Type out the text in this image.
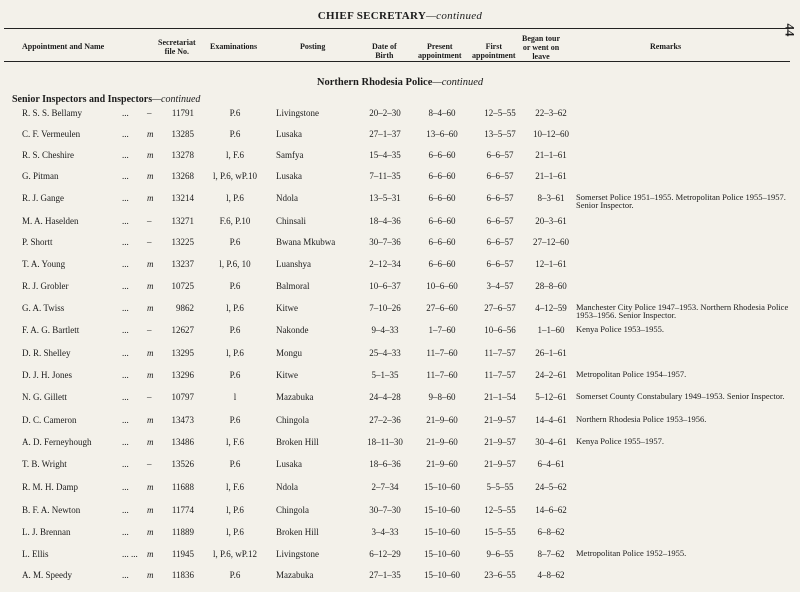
CHIEF SECRETARY—continued
44
Appointment and Name	Secretariat
file No.
Examinations	Posting	Date of
Birth
Present
appointment
First
appointment
Began tour
or went on
leave
Remarks
Northern Rhodesia Police—continued
Senior Inspectors and Inspectors—continued
R. S. S. Bellamy	... –	11791	P.6	Livingstone	20–2–30	8–4–60	12–5–55	22–3–62
C. F. Vermeulen	... m	13285	P.6	Lusaka	27–1–37	13–6–60	13–5–57	10–12–60
R. S. Cheshire	... m	13278	l, F.6	Samfya	15–4–35	6–6–60	6–6–57	21–1–61
G. Pitman	... m	13268	l, P.6, wP.10	Lusaka	7–11–35	6–6–60	6–6–57	21–1–61
R. J. Gange	... m	13214	l, P.6	Ndola	13–5–31	6–6–60	6–6–57	8–3–61	Somerset Police 1951–1955. Metropolitan Police 1955–1957. Senior Inspector.
M. A. Haselden	... –	13271	F.6, P.10	Chinsali	18–4–36	6–6–60	6–6–57	20–3–61
P. Shortt	... –	13225	P.6	Bwana Mkubwa	30–7–36	6–6–60	6–6–57	27–12–60
T. A. Young	... m	13237	l, P.6, 10	Luanshya	2–12–34	6–6–60	6–6–57	12–1–61
R. J. Grobler	... m	10725	P.6	Balmoral	10–6–37	10–6–60	3–4–57	28–8–60
G. A. Twiss	... m	9862	l, P.6	Kitwe	7–10–26	27–6–60	27–6–57	4–12–59	Manchester City Police 1947–1953. Northern Rhodesia Police 1953–1956. Senior Inspector.
F. A. G. Bartlett	... –	12627	P.6	Nakonde	9–4–33	1–7–60	10–6–56	1–1–60	Kenya Police 1953–1955.
D. R. Shelley	... m	13295	l, P.6	Mongu	25–4–33	11–7–60	11–7–57	26–1–61
D. J. H. Jones	... m	13296	P.6	Kitwe	5–1–35	11–7–60	11–7–57	24–2–61	Metropolitan Police 1954–1957.
N. G. Gillett	... –	10797	l	Mazabuka	24–4–28	9–8–60	21–1–54	5–12–61	Somerset County Constabulary 1949–1953. Senior Inspector.
D. C. Cameron	... m	13473	P.6	Chingola	27–2–36	21–9–60	21–9–57	14–4–61	Northern Rhodesia Police 1953–1956.
A. D. Ferneyhough	... m	13486	l, F.6	Broken Hill	18–11–30	21–9–60	21–9–57	30–4–61	Kenya Police 1955–1957.
T. B. Wright	... –	13526	P.6	Lusaka	18–6–36	21–9–60	21–9–57	6–4–61
R. M. H. Damp	... m	11688	l, F.6	Ndola	2–7–34	15–10–60	5–5–55	24–5–62
B. F. A. Newton	... m	11774	l, P.6	Chingola	30–7–30	15–10–60	12–5–55	14–6–62
L. J. Brennan	... m	11889	l, P.6	Broken Hill	3–4–33	15–10–60	15–5–55	6–8–62
L. Ellis	... ... m	11945	l, P.6, wP.12	Livingstone	6–12–29	15–10–60	9–6–55	8–7–62	Metropolitan Police 1952–1955.
A. M. Speedy	... m	11836	P.6	Mazabuka	27–1–35	15–10–60	23–6–55	4–8–62
